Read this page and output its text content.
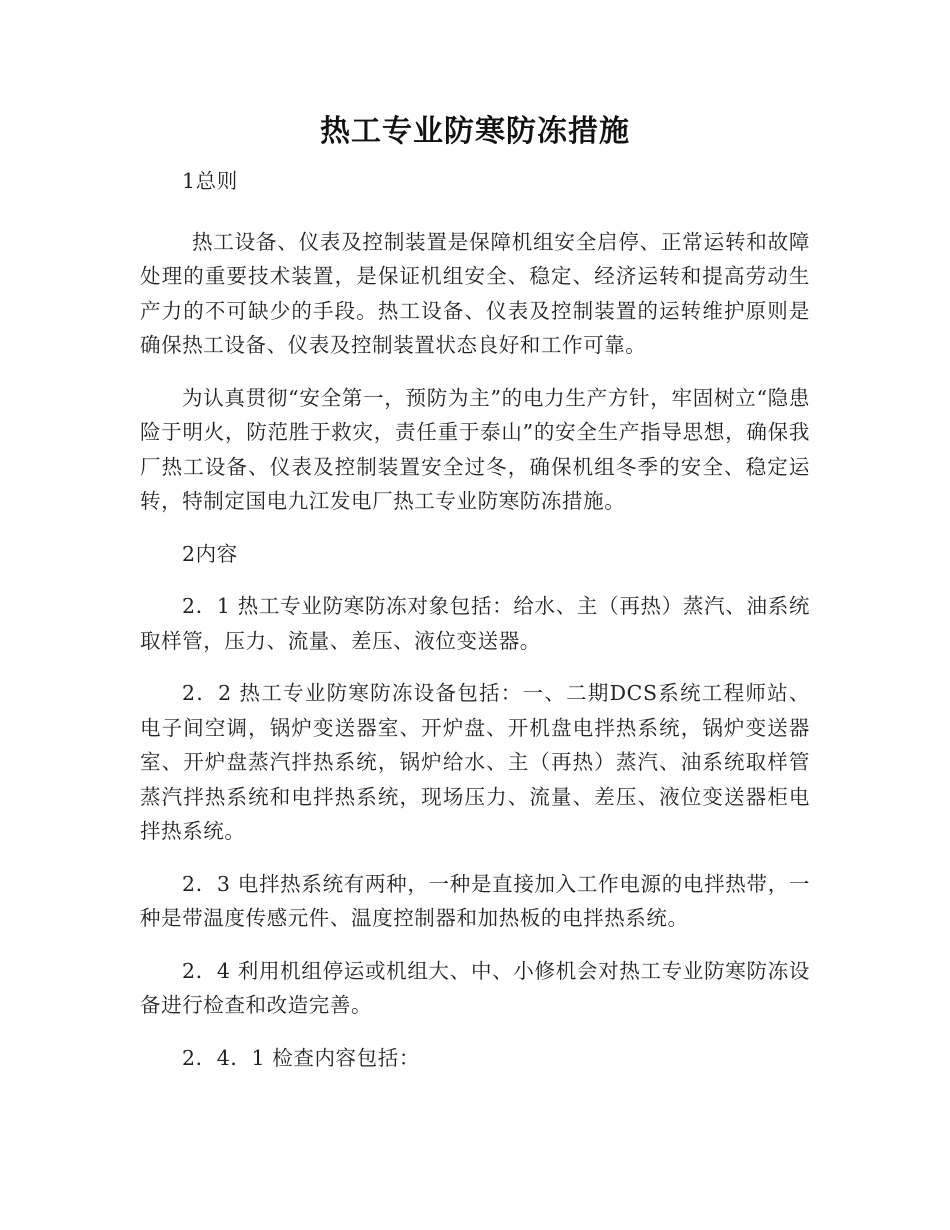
热工专业防寒防冻措施

1总则

热工设备、仪表及控制装置是保障机组安全启停、正常运转和故障处理的重要技术装置，是保证机组安全、稳定、经济运转和提高劳动生产力的不可缺少的手段。热工设备、仪表及控制装置的运转维护原则是确保热工设备、仪表及控制装置状态良好和工作可靠。

为认真贯彻“安全第一，预防为主”的电力生产方针，牢固树立“隐患险于明火，防范胜于救灾，责任重于泰山”的安全生产指导思想，确保我厂热工设备、仪表及控制装置安全过冬，确保机组冬季的安全、稳定运转，特制定国电九江发电厂热工专业防寒防冻措施。

2内容

2．1 热工专业防寒防冻对象包括：给水、主（再热）蒸汽、油系统取样管，压力、流量、差压、液位变送器。

2．2 热工专业防寒防冻设备包括：一、二期DCS系统工程师站、电子间空调，锅炉变送器室、开炉盘、开机盘电拌热系统，锅炉变送器室、开炉盘蒸汽拌热系统，锅炉给水、主（再热）蒸汽、油系统取样管蒸汽拌热系统和电拌热系统，现场压力、流量、差压、液位变送器柜电拌热系统。

2．3 电拌热系统有两种，一种是直接加入工作电源的电拌热带，一种是带温度传感元件、温度控制器和加热板的电拌热系统。

2．4 利用机组停运或机组大、中、小修机会对热工专业防寒防冻设备进行检查和改造完善。

2．4．1 检查内容包括：
